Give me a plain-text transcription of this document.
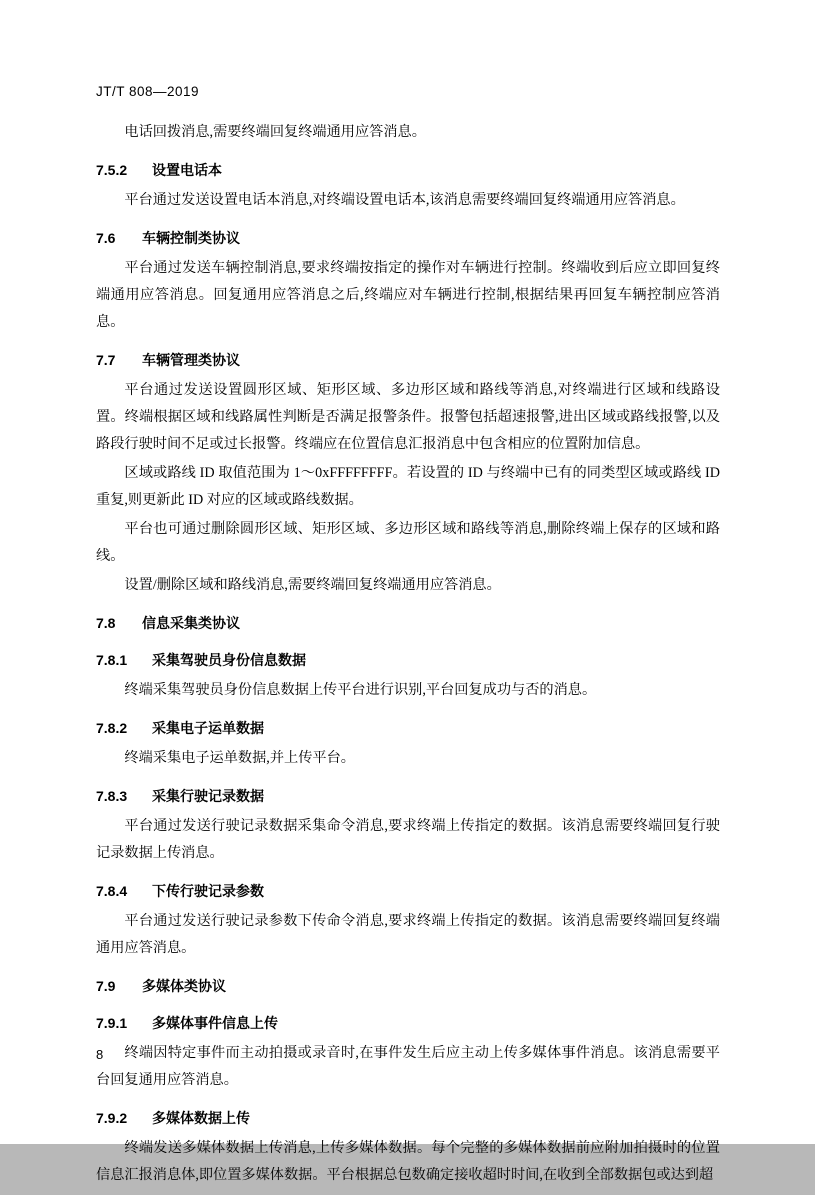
JT/T 808—2019

电话回拨消息,需要终端回复终端通用应答消息。

7.5.2 设置电话本

平台通过发送设置电话本消息,对终端设置电话本,该消息需要终端回复终端通用应答消息。

7.6 车辆控制类协议

平台通过发送车辆控制消息,要求终端按指定的操作对车辆进行控制。终端收到后应立即回复终端通用应答消息。回复通用应答消息之后,终端应对车辆进行控制,根据结果再回复车辆控制应答消息。

7.7 车辆管理类协议

平台通过发送设置圆形区域、矩形区域、多边形区域和路线等消息,对终端进行区域和线路设置。终端根据区域和线路属性判断是否满足报警条件。报警包括超速报警,进出区域或路线报警,以及路段行驶时间不足或过长报警。终端应在位置信息汇报消息中包含相应的位置附加信息。

区域或路线 ID 取值范围为 1～0xFFFFFFFF。若设置的 ID 与终端中已有的同类型区域或路线 ID 重复,则更新此 ID 对应的区域或路线数据。

平台也可通过删除圆形区域、矩形区域、多边形区域和路线等消息,删除终端上保存的区域和路线。

设置/删除区域和路线消息,需要终端回复终端通用应答消息。

7.8 信息采集类协议
7.8.1 采集驾驶员身份信息数据

终端采集驾驶员身份信息数据上传平台进行识别,平台回复成功与否的消息。

7.8.2 采集电子运单数据

终端采集电子运单数据,并上传平台。

7.8.3 采集行驶记录数据

平台通过发送行驶记录数据采集命令消息,要求终端上传指定的数据。该消息需要终端回复行驶记录数据上传消息。

7.8.4 下传行驶记录参数

平台通过发送行驶记录参数下传命令消息,要求终端上传指定的数据。该消息需要终端回复终端通用应答消息。

7.9 多媒体类协议
7.9.1 多媒体事件信息上传

终端因特定事件而主动拍摄或录音时,在事件发生后应主动上传多媒体事件消息。该消息需要平台回复通用应答消息。

7.9.2 多媒体数据上传

终端发送多媒体数据上传消息,上传多媒体数据。每个完整的多媒体数据前应附加拍摄时的位置信息汇报消息体,即位置多媒体数据。平台根据总包数确定接收超时时间,在收到全部数据包或达到超

8
